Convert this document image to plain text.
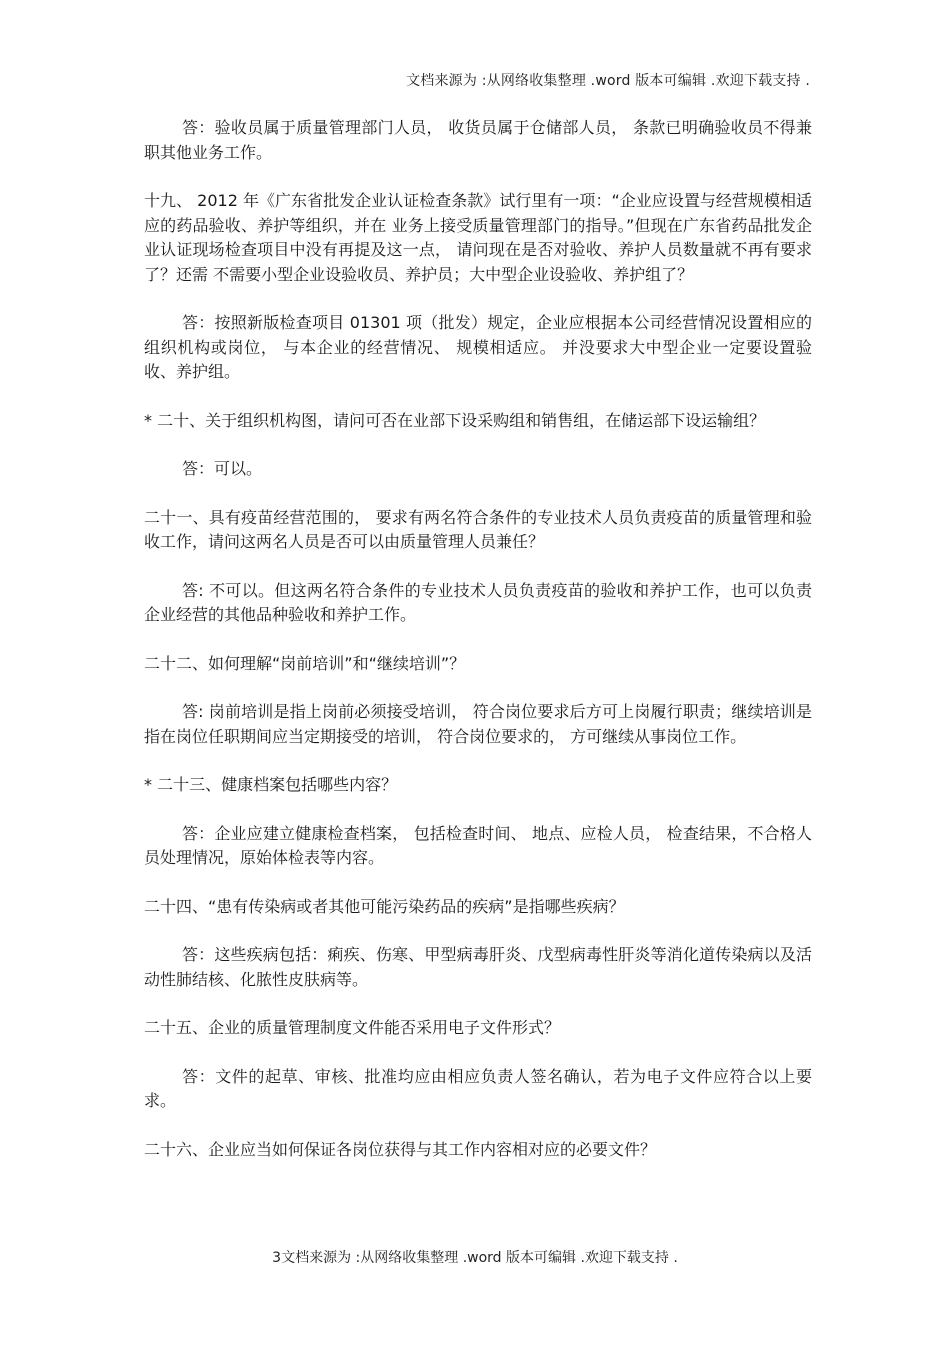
文档来源为 :从网络收集整理 .word 版本可编辑 .欢迎下载支持 .

答：验收员属于质量管理部门人员， 收货员属于仓储部人员， 条款已明确验收员不得兼职其他业务工作。

十九、 2012 年《广东省批发企业认证检查条款》试行里有一项：“企业应设置与经营规模相适应的药品验收、养护等组织，并在 业务上接受质量管理部门的指导。”但现在广东省药品批发企业认证现场检查项目中没有再提及这一点， 请问现在是否对验收、养护人员数量就不再有要求了？还需 不需要小型企业设验收员、养护员；大中型企业设验收、养护组了？

答：按照新版检查项目 01301 项（批发）规定，企业应根据本公司经营情况设置相应的组织机构或岗位， 与本企业的经营情况、 规模相适应。 并没要求大中型企业一定要设置验收、养护组。

* 二十、关于组织机构图，请问可否在业部下设采购组和销售组，在储运部下设运输组？

答：可以。

二十一、具有疫苗经营范围的， 要求有两名符合条件的专业技术人员负责疫苗的质量管理和验收工作，请问这两名人员是否可以由质量管理人员兼任？

答: 不可以。但这两名符合条件的专业技术人员负责疫苗的验收和养护工作，也可以负责企业经营的其他品种验收和养护工作。

二十二、如何理解“岗前培训”和“继续培训”？

答: 岗前培训是指上岗前必须接受培训， 符合岗位要求后方可上岗履行职责；继续培训是指在岗位任职期间应当定期接受的培训， 符合岗位要求的， 方可继续从事岗位工作。

* 二十三、健康档案包括哪些内容？

答：企业应建立健康检查档案， 包括检查时间、 地点、应检人员， 检查结果，不合格人员处理情况，原始体检表等内容。

二十四、“患有传染病或者其他可能污染药品的疾病”是指哪些疾病？

答：这些疾病包括：痢疾、伤寒、甲型病毒肝炎、戊型病毒性肝炎等消化道传染病以及活动性肺结核、化脓性皮肤病等。

二十五、企业的质量管理制度文件能否采用电子文件形式？

答：文件的起草、审核、批准均应由相应负责人签名确认，若为电子文件应符合以上要求。

二十六、企业应当如何保证各岗位获得与其工作内容相对应的必要文件？

3文档来源为 :从网络收集整理 .word 版本可编辑 .欢迎下载支持 .
